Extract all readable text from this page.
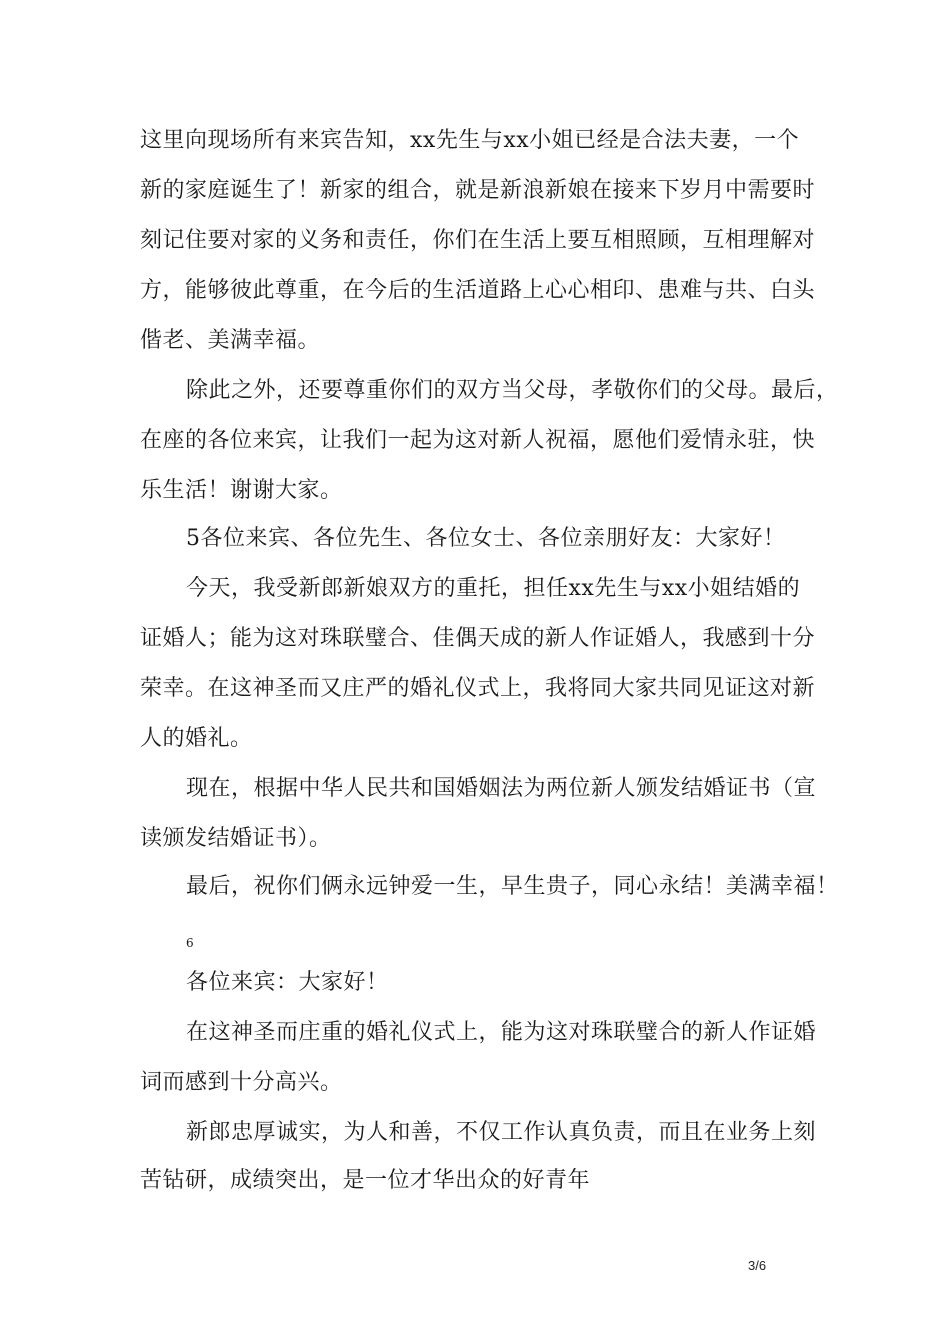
这里向现场所有来宾告知，xx先生与xx小姐已经是合法夫妻，一个
新的家庭诞生了！新家的组合，就是新浪新娘在接来下岁月中需要时
刻记住要对家的义务和责任，你们在生活上要互相照顾，互相理解对
方，能够彼此尊重，在今后的生活道路上心心相印、患难与共、白头
偕老、美满幸福。
除此之外，还要尊重你们的双方当父母，孝敬你们的父母。最后，
在座的各位来宾，让我们一起为这对新人祝福，愿他们爱情永驻，快
乐生活！谢谢大家。
5各位来宾、各位先生、各位女士、各位亲朋好友：大家好！
今天，我受新郎新娘双方的重托，担任xx先生与xx小姐结婚的
证婚人；能为这对珠联璧合、佳偶天成的新人作证婚人，我感到十分
荣幸。在这神圣而又庄严的婚礼仪式上，我将同大家共同见证这对新
人的婚礼。
现在，根据中华人民共和国婚姻法为两位新人颁发结婚证书（宣
读颁发结婚证书）。
最后，祝你们俩永远钟爱一生，早生贵子，同心永结！美满幸福！
6
各位来宾：大家好！
在这神圣而庄重的婚礼仪式上，能为这对珠联璧合的新人作证婚
词而感到十分高兴。
新郎忠厚诚实，为人和善，不仅工作认真负责，而且在业务上刻
苦钻研，成绩突出，是一位才华出众的好青年
3/6
